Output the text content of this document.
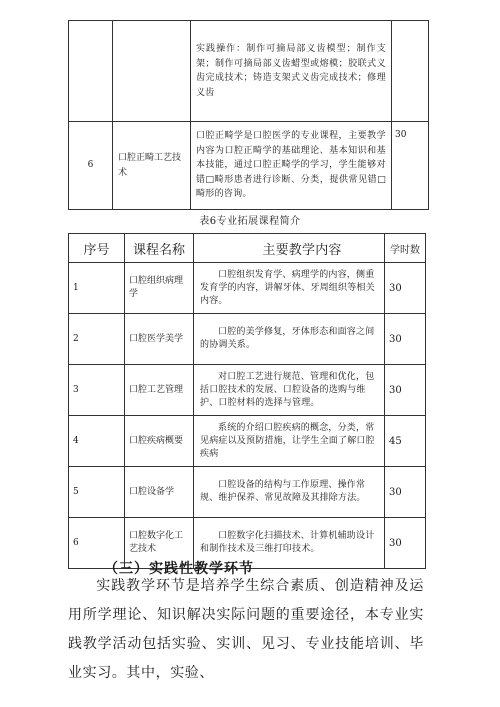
		实践操作：制作可摘局部义齿模型；制作支架；制作可摘局部义齿蜡型或熔模；胶联式义齿完成技术；铸造支架式义齿完成技术；修理义齿	
6	口腔正畸工艺技术	口腔正畸学是口腔医学的专业课程，主要教学内容为口腔正畸学的基础理论、基本知识和基本技能，通过口腔正畸学的学习，学生能够对错□畸形患者进行诊断、分类，提供常见错□畸形的咨询。	30
表6专业拓展课程简介
序号	课程名称	主要教学内容	学时数
1	口腔组织病理学	口腔组织发育学、病理学的内容，侧重发育学的内容，讲解牙体、牙周组织等相关内容。	30
2	口腔医学美学	口腔的美学修复，牙体形态和面容之间的协调关系。	30
3	口腔工艺管理	对口腔工艺进行规范、管理和优化，包括口腔技术的发展、口腔设备的选购与维护、口腔材料的选择与管理。	30
4	口腔疾病概要	系统的介绍口腔疾病的概念，分类，常见病症以及预防措施，让学生全面了解口腔疾病	45
5	口腔设备学	口腔设备的结构与工作原理、操作常规、维护保养、常见故障及其排除方法。	30
6	口腔数字化工艺技术	口腔数字化扫描技术、计算机辅助设计和制作技术及三维打印技术。	30
（三）实践性教学环节
实践教学环节是培养学生综合素质、创造精神及运用所学理论、知识解决实际问题的重要途径，本专业实践教学活动包括实验、实训、见习、专业技能培训、毕业实习。其中，实验、
